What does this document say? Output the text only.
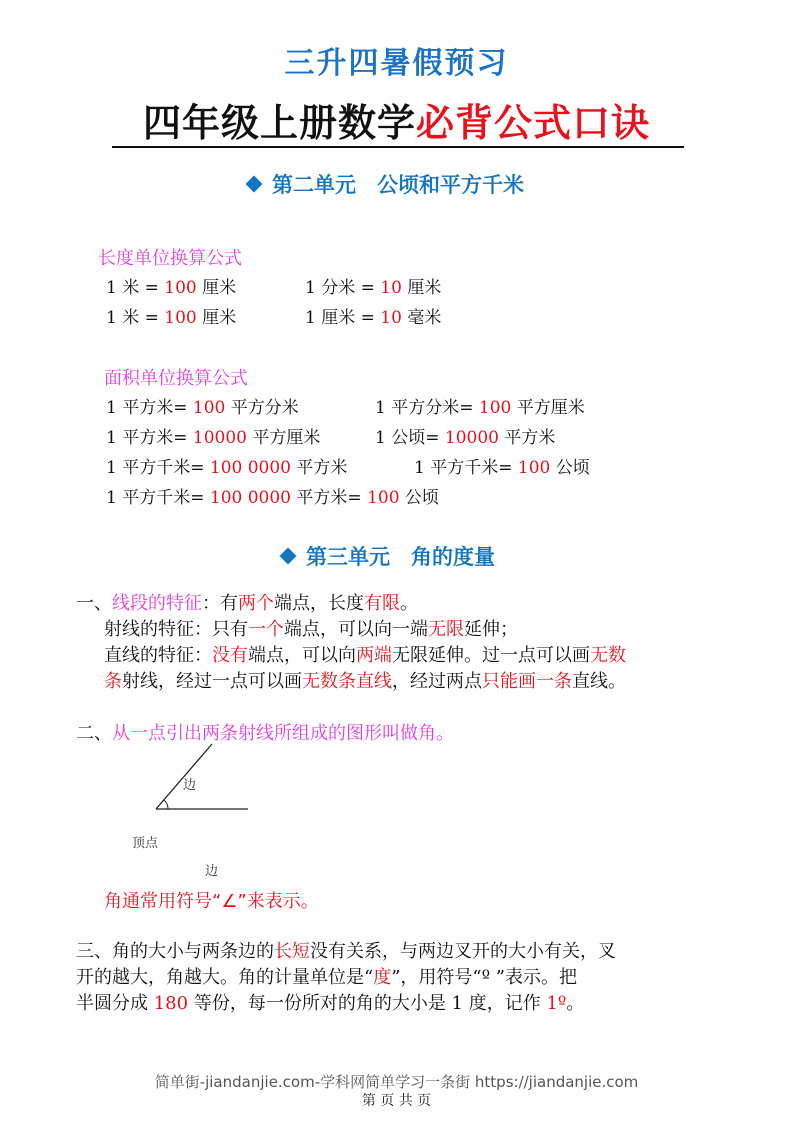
三升四暑假预习
四年级上册数学必背公式口诀
第二单元　公顷和平方千米
长度单位换算公式
1 米 = 100 厘米	1 分米 = 10 厘米
1 米 = 100 厘米	1 厘米 = 10 毫米
面积单位换算公式
1 平方米= 100 平方分米	1 平方分米= 100 平方厘米
1 平方米= 10000 平方厘米	1 公顷= 10000 平方米
1 平方千米= 100 0000 平方米	1 平方千米= 100 公顷
1 平方千米= 100 0000 平方米= 100 公顷
第三单元　角的度量
一、线段的特征：有两个端点，长度有限。
射线的特征：只有一个端点，可以向一端无限延伸；
直线的特征：没有端点，可以向两端无限延伸。过一点可以画无数
条射线，经过一点可以画无数条直线，经过两点只能画一条直线。
二、从一点引出两条射线所组成的图形叫做角。
边
顶点
边
角通常用符号“∠”来表示。
三、角的大小与两条边的长短没有关系，与两边叉开的大小有关，叉
开的越大，角越大。角的计量单位是“度”，用符号“º ”表示。把
半圆分成 180 等份，每一份所对的角的大小是 1 度，记作 1º。
简单街-jiandanjie.com-学科网简单学习一条街 https://jiandanjie.com
第 页 共 页
